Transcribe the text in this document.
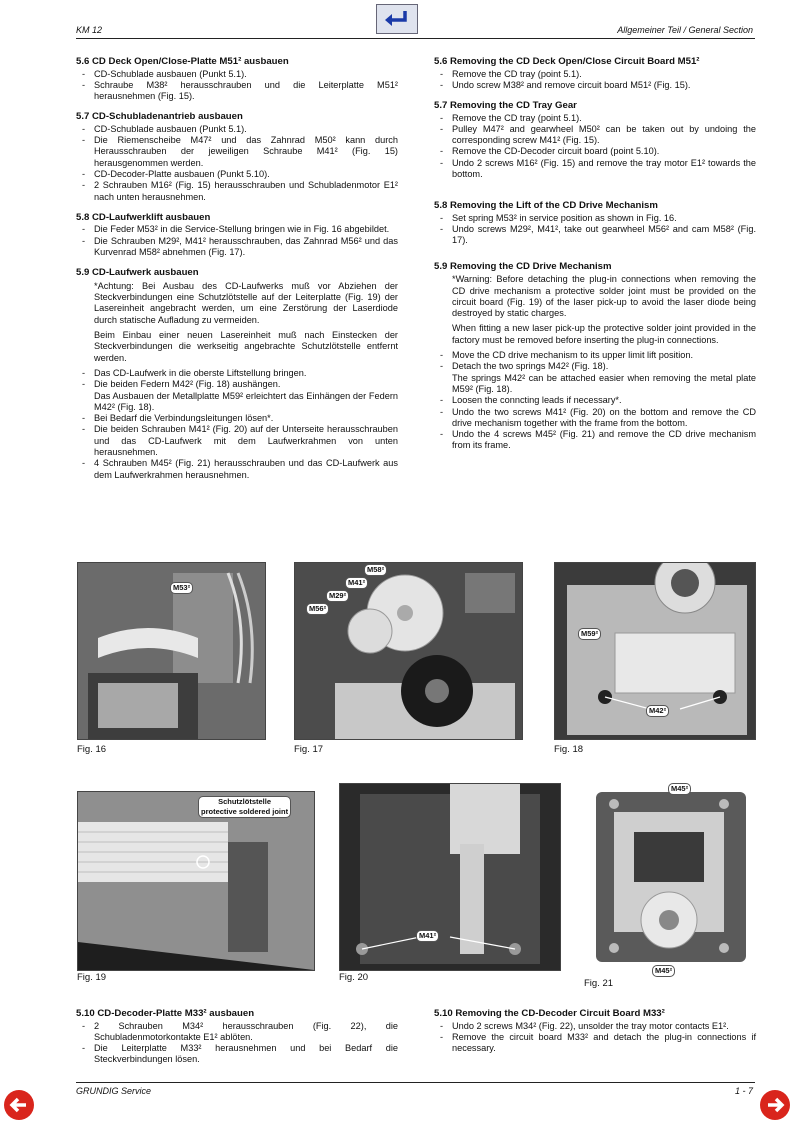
KM 12	Allgemeiner Teil / General Section
5.6 CD Deck Open/Close-Platte M51² ausbauen
- CD-Schublade ausbauen (Punkt 5.1).
- Schraube M38² herausschrauben und die Leiterplatte M51² herausnehmen (Fig. 15).
5.7 CD-Schubladenantrieb ausbauen
- CD-Schublade ausbauen (Punkt 5.1).
- Die Riemenscheibe M47² und das Zahnrad M50² kann durch Herausschrauben der jeweiligen Schraube M41² (Fig. 15) herausgenommen werden.
- CD-Decoder-Platte ausbauen (Punkt 5.10).
- 2 Schrauben M16² (Fig. 15) herausschrauben und Schubladenmotor E1² nach unten herausnehmen.
5.8 CD-Laufwerklift ausbauen
- Die Feder M53² in die Service-Stellung bringen wie in Fig. 16 abgebildet.
- Die Schrauben M29², M41² herausschrauben, das Zahnrad M56² und das Kurvenrad M58² abnehmen (Fig. 17).
5.9 CD-Laufwerk ausbauen
*Achtung: Bei Ausbau des CD-Laufwerks muß vor Abziehen der Steckverbindungen eine Schutzlötstelle auf der Leiterplatte (Fig. 19) der Lasereinheit angebracht werden, um eine Zerstörung der Laserdiode durch statische Aufladung zu vermeiden.
Beim Einbau einer neuen Lasereinheit muß nach Einstecken der Steckverbindungen die werkseitig angebrachte Schutzlötstelle entfernt werden.
- Das CD-Laufwerk in die oberste Liftstellung bringen.
- Die beiden Federn M42² (Fig. 18) aushängen.
Das Ausbauen der Metallplatte M59² erleichtert das Einhängen der Federn M42² (Fig. 18).
- Bei Bedarf die Verbindungsleitungen lösen*.
- Die beiden Schrauben M41² (Fig. 20) auf der Unterseite herausschrauben und das CD-Laufwerk mit dem Laufwerkrahmen von unten herausnehmen.
- 4 Schrauben M45² (Fig. 21) herausschrauben und das CD-Laufwerk aus dem Laufwerkrahmen herausnehmen.
5.6 Removing the CD Deck Open/Close Circuit Board M51²
- Remove the CD tray (point 5.1).
- Undo screw M38² and remove circuit board M51² (Fig. 15).
5.7 Removing the CD Tray Gear
- Remove the CD tray (point 5.1).
- Pulley M47² and gearwheel M50² can be taken out by undoing the corresponding screw M41² (Fig. 15).
- Remove the CD-Decoder circuit board (point 5.10).
- Undo 2 screws M16² (Fig. 15) and remove the tray motor E1² towards the bottom.
5.8 Removing the Lift of the CD Drive Mechanism
- Set spring M53² in service position as shown in Fig. 16.
- Undo screws M29², M41², take out gearwheel M56² and cam M58² (Fig. 17).
5.9 Removing the CD Drive Mechanism
*Warning: Before detaching the plug-in connections when removing the CD drive mechanism a protective solder joint must be provided on the circuit board (Fig. 19) of the laser pick-up to avoid the laser diode being destroyed by static charges.
When fitting a new laser pick-up the protective solder joint provided in the factory must be removed before inserting the plug-in connections.
- Move the CD drive mechanism to its upper limit lift position.
- Detach the two springs M42² (Fig. 18).
The springs M42² can be attached easier when removing the metal plate M59² (Fig. 18).
- Loosen the conncting leads if necessary*.
- Undo the two screws M41² (Fig. 20) on the bottom and remove the CD drive mechanism together with the frame from the bottom.
- Undo the 4 screws M45² (Fig. 21) and remove the CD drive mechanism from its frame.
M53²
Fig. 16
M58²
M41²
M29²
M56²
Fig. 17
M59²
M42²
Fig. 18
Schutzlötstelle
protective soldered joint
Fig. 19
M41²
Fig. 20
M45²
M45²
Fig. 21
5.10 CD-Decoder-Platte M33² ausbauen
- 2 Schrauben M34² herausschrauben (Fig. 22), die Schubladenmotorkontakte E1² ablöten.
- Die Leiterplatte M33² herausnehmen und bei Bedarf die Steckverbindungen lösen.
5.10 Removing the CD-Decoder Circuit Board M33²
- Undo 2 screws M34² (Fig. 22), unsolder the tray motor contacts E1².
- Remove the circuit board M33² and detach the plug-in connections if necessary.
GRUNDIG Service	1 - 7
